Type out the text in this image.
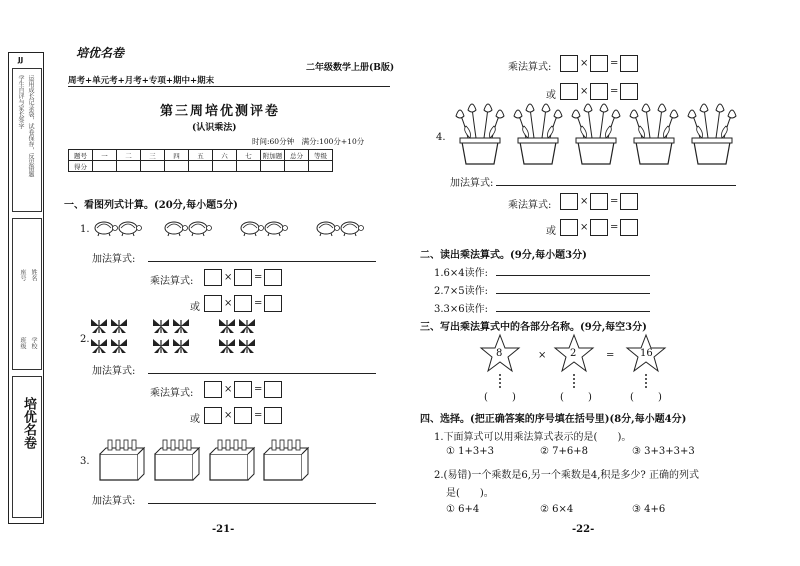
JJ
运用成长记录袋，试卷保存，反思错题
学生自评与家长签字
学校
班级
姓名
座号
培优名卷
培优名卷
二年级数学上册(B版)
周考+单元考+月考+专项+期中+期末
第三周培优测评卷
(认识乘法)
时间:60分钟　满分:100分+10分
题号	一	二	三	四	五	六	七	附加题	总分	等级
得分										
一、看图列式计算。(20分,每小题5分)
1.
加法算式:
乘法算式:	× =
或 × =
2.
加法算式:
乘法算式:	× =
或 × =
3.
加法算式:
-21-
乘法算式:	× =
或 × =
4.
加法算式:
乘法算式:	× =
或 × =
二、读出乘法算式。(9分,每小题3分)
1.6×4读作:
2.7×5读作:
3.3×6读作:
三、写出乘法算式中的各部分名称。(9分,每空3分)
8	× 2	=	16
( )	( )	( )
四、选择。(把正确答案的序号填在括号里)(8分,每小题4分)
1.下面算式可以用乘法算式表示的是(　　)。
① 1+3+3	② 7+6+8	③ 3+3+3+3
2.(易错)一个乘数是6,另一个乘数是4,积是多少? 正确的列式
是(　　)。
① 6+4	② 6×4	③ 4+6
-22-
